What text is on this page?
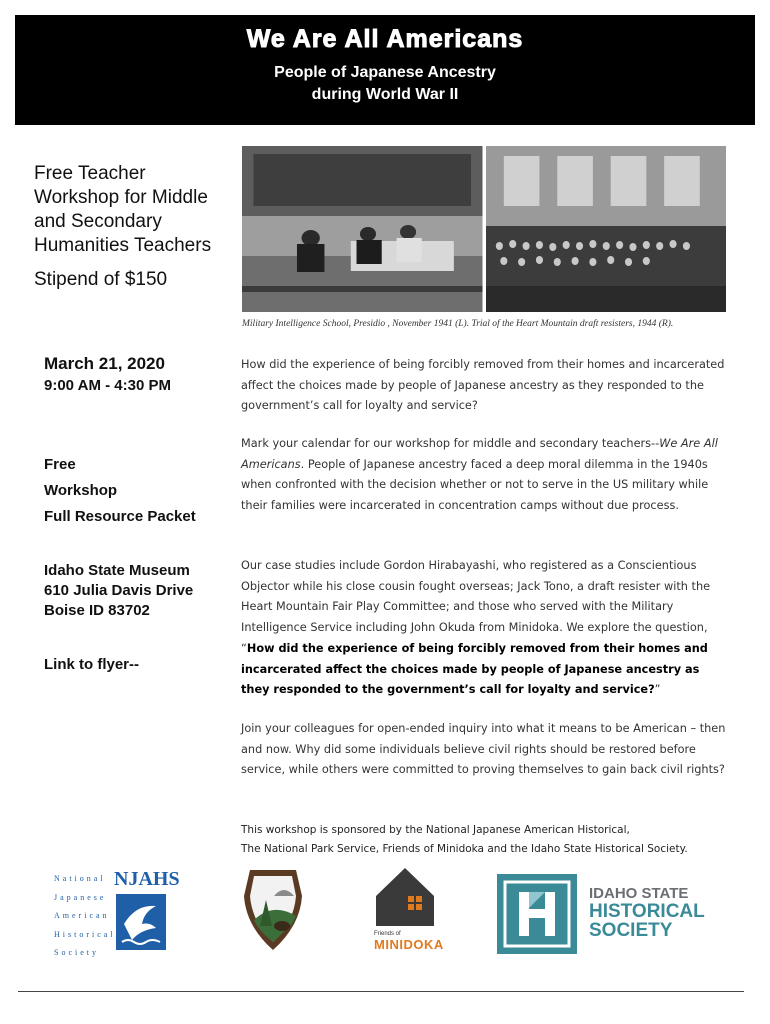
We Are All Americans
People of Japanese Ancestry
during World War II
Free Teacher Workshop for Middle and Secondary Humanities Teachers
Stipend of $150
March 21, 2020
9:00 AM - 4:30 PM
Free
Workshop
Full Resource Packet
Idaho State Museum
610 Julia Davis Drive
Boise ID 83702
Link to flyer--
Military Intelligence School, Presidio , November 1941 (L). Trial of the Heart Mountain draft resisters, 1944 (R).
How did the experience of being forcibly removed from their homes and incarcerated affect the choices made by people of Japanese ancestry as they responded to the government’s call for loyalty and service?
Mark your calendar for our workshop for middle and secondary teachers--We Are All Americans. People of Japanese ancestry faced a deep moral dilemma in the 1940s when confronted with the decision whether or not to serve in the US military while their families were incarcerated in concentration camps without due process.
Our case studies include Gordon Hirabayashi, who registered as a Conscientious Objector while his close cousin fought overseas; Jack Tono, a draft resister with the Heart Mountain Fair Play Committee; and those who served with the Military Intelligence Service including John Okuda from Minidoka. We explore the question, “How did the experience of being forcibly removed from their homes and incarcerated affect the choices made by people of Japanese ancestry as they responded to the government’s call for loyalty and service?”
Join your colleagues for open-ended inquiry into what it means to be American – then and now. Why did some individuals believe civil rights should be restored before service, while others were committed to proving themselves to gain back civil rights?
This workshop is sponsored by the National Japanese American Historical,
The National Park Service, Friends of Minidoka and the Idaho State Historical Society.
National
Japanese
American
Historical
Society
NJAHS
Friends of
MINIDOKA
IDAHO STATE
HISTORICAL
SOCIETY
